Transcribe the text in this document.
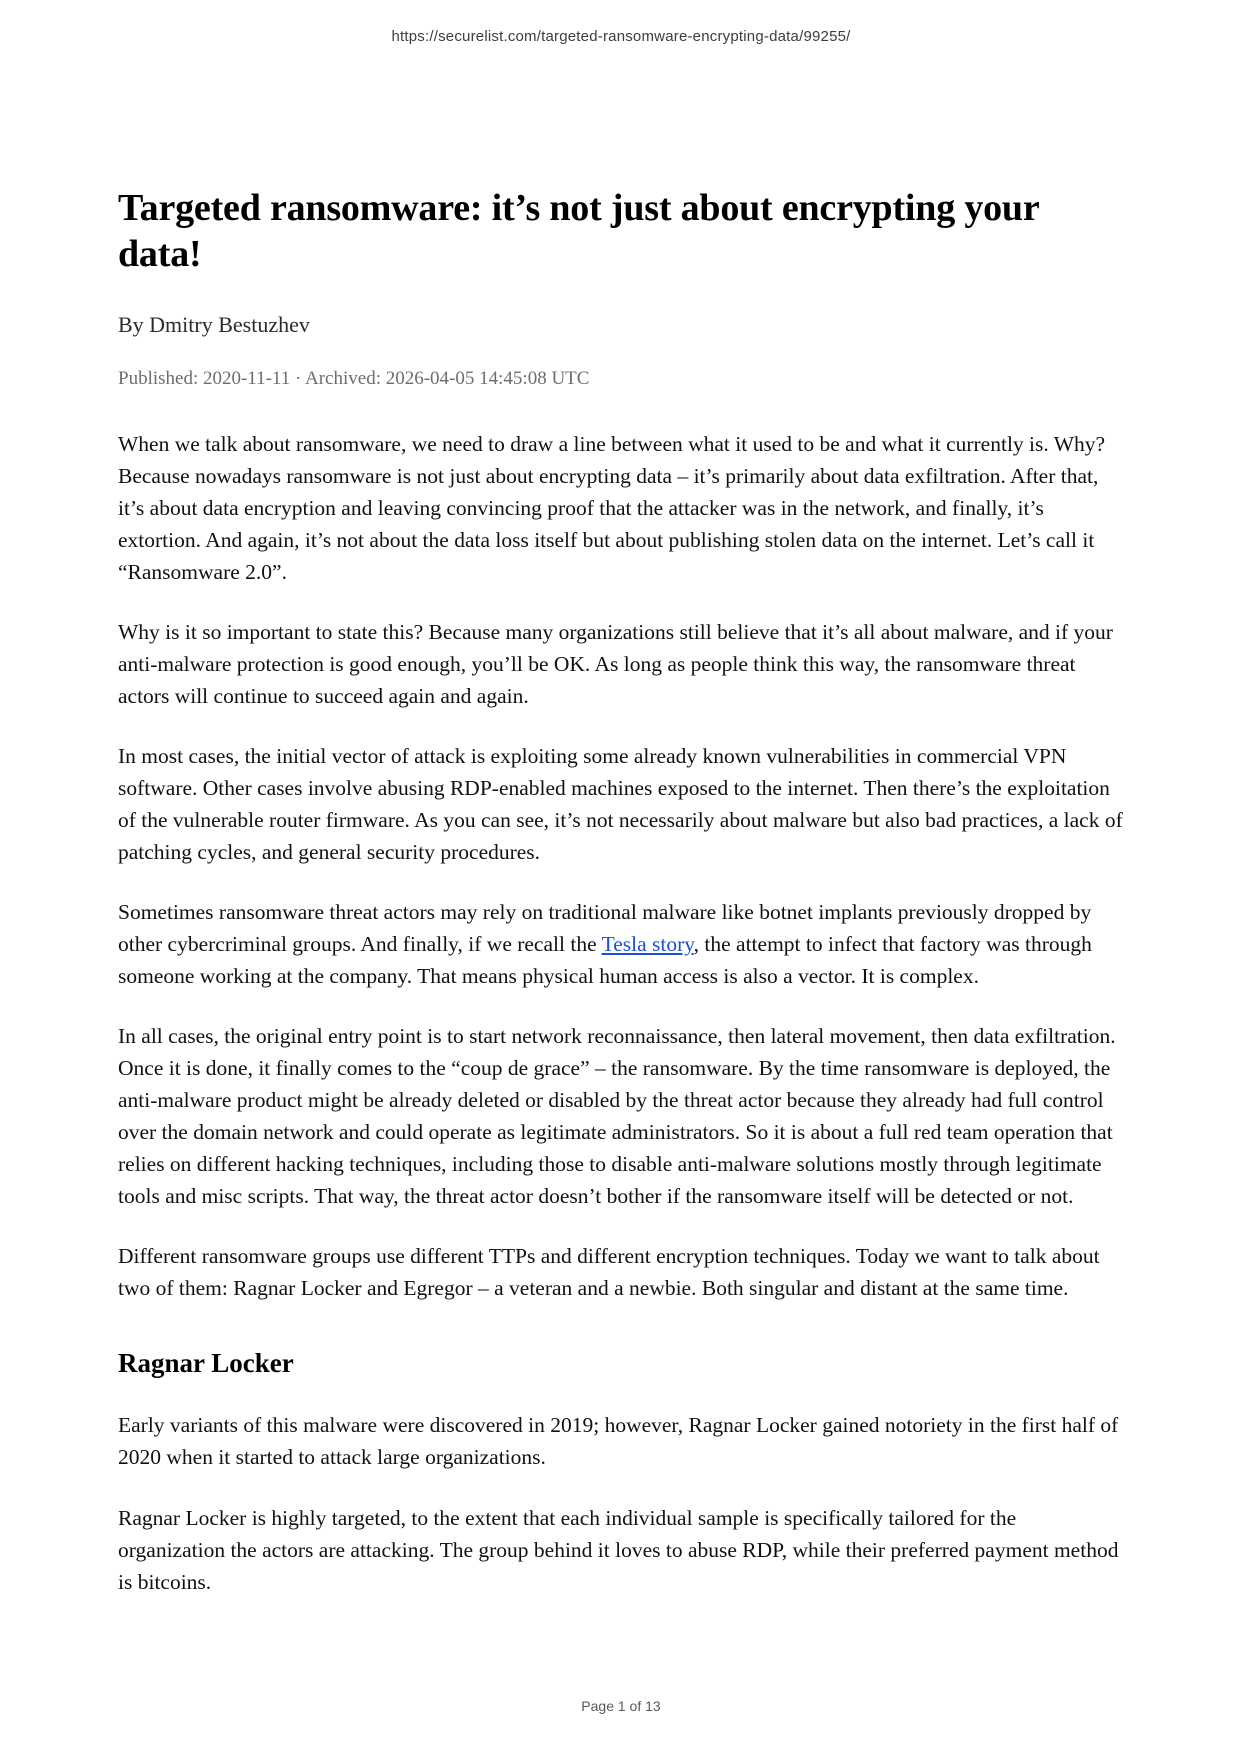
https://securelist.com/targeted-ransomware-encrypting-data/99255/
Targeted ransomware: it’s not just about encrypting your data!
By Dmitry Bestuzhev
Published: 2020-11-11 · Archived: 2026-04-05 14:45:08 UTC

When we talk about ransomware, we need to draw a line between what it used to be and what it currently is. Why? Because nowadays ransomware is not just about encrypting data – it’s primarily about data exfiltration. After that, it’s about data encryption and leaving convincing proof that the attacker was in the network, and finally, it’s extortion. And again, it’s not about the data loss itself but about publishing stolen data on the internet. Let’s call it “Ransomware 2.0”.

Why is it so important to state this? Because many organizations still believe that it’s all about malware, and if your anti-malware protection is good enough, you’ll be OK. As long as people think this way, the ransomware threat actors will continue to succeed again and again.

In most cases, the initial vector of attack is exploiting some already known vulnerabilities in commercial VPN software. Other cases involve abusing RDP-enabled machines exposed to the internet. Then there’s the exploitation of the vulnerable router firmware. As you can see, it’s not necessarily about malware but also bad practices, a lack of patching cycles, and general security procedures.

Sometimes ransomware threat actors may rely on traditional malware like botnet implants previously dropped by other cybercriminal groups. And finally, if we recall the Tesla story, the attempt to infect that factory was through someone working at the company. That means physical human access is also a vector. It is complex.

In all cases, the original entry point is to start network reconnaissance, then lateral movement, then data exfiltration. Once it is done, it finally comes to the “coup de grace” – the ransomware. By the time ransomware is deployed, the anti-malware product might be already deleted or disabled by the threat actor because they already had full control over the domain network and could operate as legitimate administrators. So it is about a full red team operation that relies on different hacking techniques, including those to disable anti-malware solutions mostly through legitimate tools and misc scripts. That way, the threat actor doesn’t bother if the ransomware itself will be detected or not.

Different ransomware groups use different TTPs and different encryption techniques. Today we want to talk about two of them: Ragnar Locker and Egregor – a veteran and a newbie. Both singular and distant at the same time.

Ragnar Locker

Early variants of this malware were discovered in 2019; however, Ragnar Locker gained notoriety in the first half of 2020 when it started to attack large organizations.

Ragnar Locker is highly targeted, to the extent that each individual sample is specifically tailored for the organization the actors are attacking. The group behind it loves to abuse RDP, while their preferred payment method is bitcoins.

Page 1 of 13
